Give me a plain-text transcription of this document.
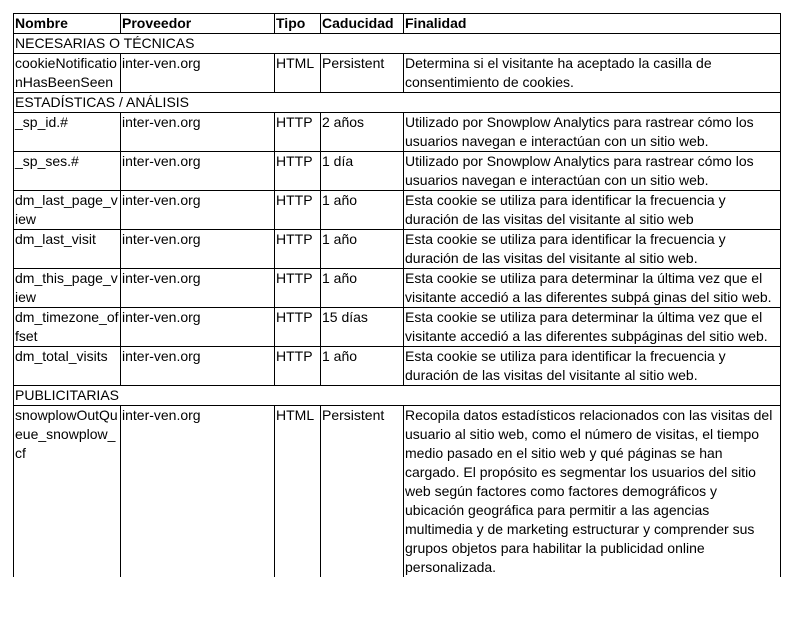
Nombre	Proveedor	Tipo	Caducidad	Finalidad
NECESARIAS O TÉCNICAS				
cookieNotificationHasBeenSeen	inter-ven.org	HTML	Persistent	Determina si el visitante ha aceptado la casilla de consentimiento de cookies.
ESTADÍSTICAS / ANÁLISIS				
_sp_id.#	inter-ven.org	HTTP	2 años	Utilizado por Snowplow Analytics para rastrear cómo los usuarios navegan e interactúan con un sitio web.
_sp_ses.#	inter-ven.org	HTTP	1 día	Utilizado por Snowplow Analytics para rastrear cómo los usuarios navegan e interactúan con un sitio web.
dm_last_page_view	inter-ven.org	HTTP	1 año	Esta cookie se utiliza para identificar la frecuencia y duración de las visitas del visitante al sitio web
dm_last_visit	inter-ven.org	HTTP	1 año	Esta cookie se utiliza para identificar la frecuencia y duración de las visitas del visitante al sitio web.
dm_this_page_view	inter-ven.org	HTTP	1 año	Esta cookie se utiliza para determinar la última vez que el visitante accedió a las diferentes subpá ginas del sitio web.
dm_timezone_offset	inter-ven.org	HTTP	15 días	Esta cookie se utiliza para determinar la última vez que el visitante accedió a las diferentes subpáginas del sitio web.
dm_total_visits	inter-ven.org	HTTP	1 año	Esta cookie se utiliza para identificar la frecuencia y duración de las visitas del visitante al sitio web.
PUBLICITARIAS				
snowplowOutQueue_snowplow_cf	inter-ven.org	HTML	Persistent	Recopila datos estadísticos relacionados con las visitas del usuario al sitio web, como el número de visitas, el tiempo medio pasado en el sitio web y qué páginas se han cargado. El propósito es segmentar los usuarios del sitio web según factores como factores demográficos y ubicación geográfica para permitir a las agencias multimedia y de marketing estructurar y comprender sus grupos objetos para habilitar la publicidad online personalizada.
